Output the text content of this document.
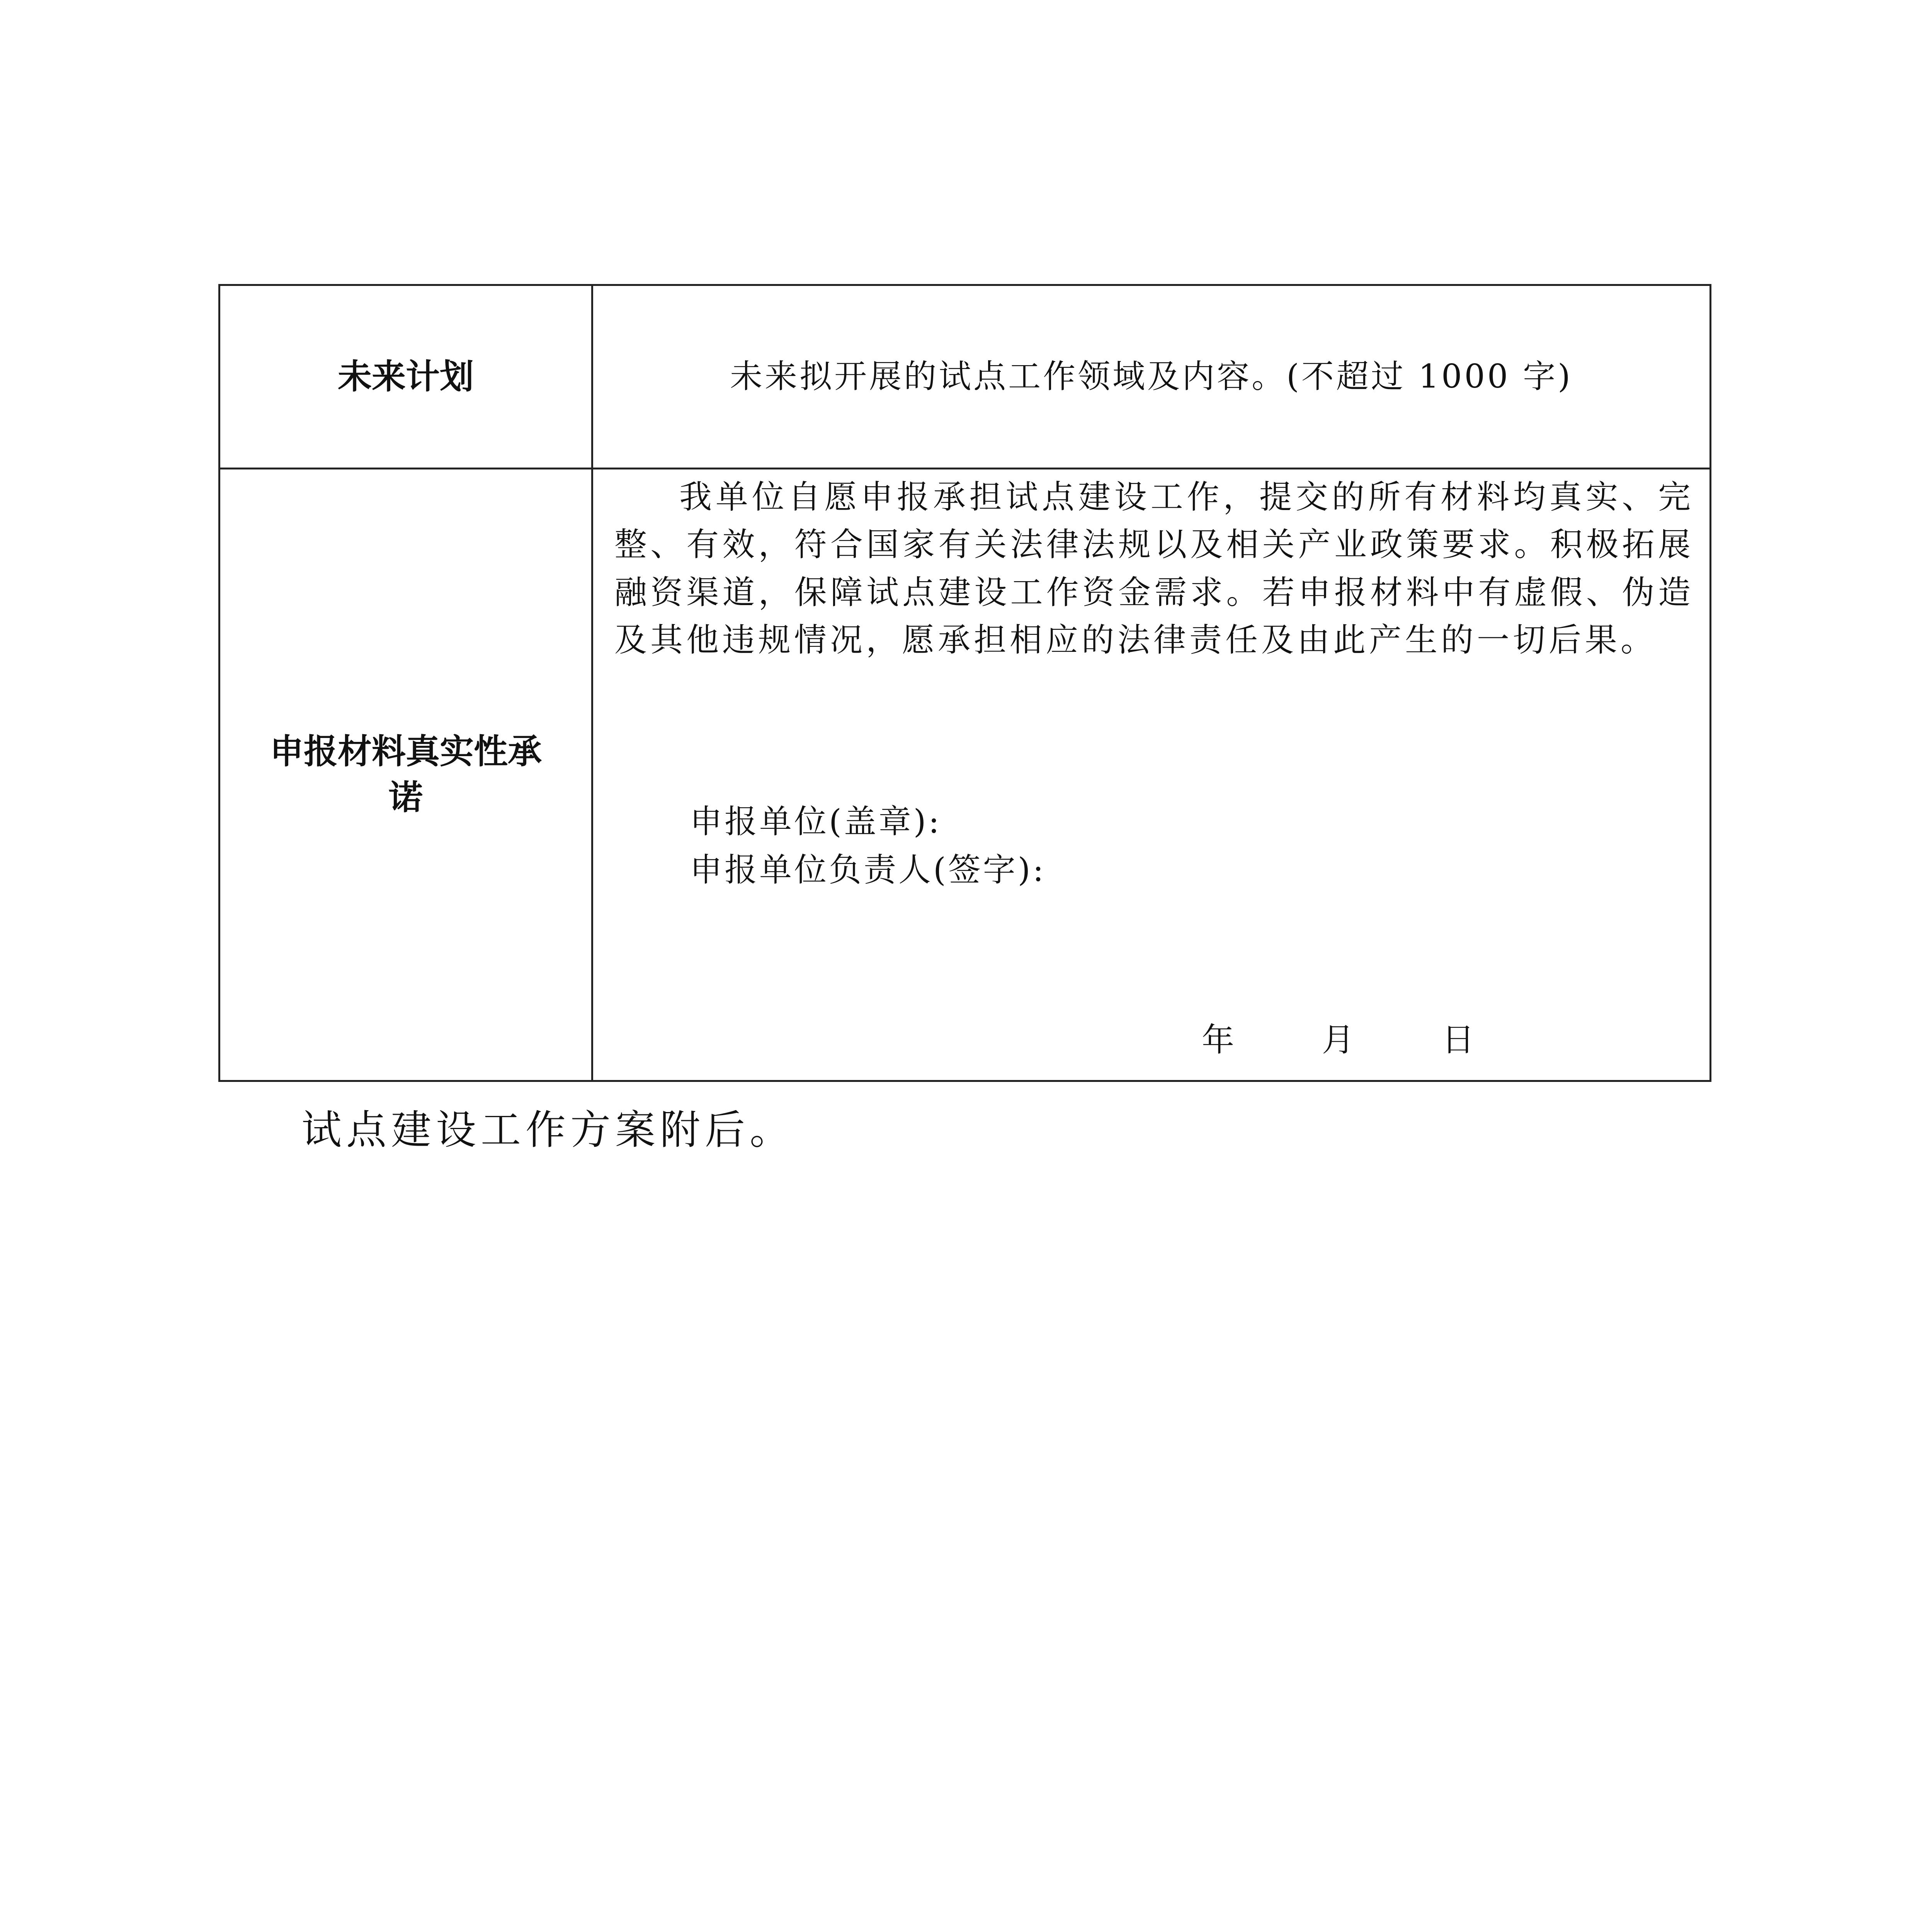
未来计划	未来拟开展的试点工作领域及内容。(不超过 1000 字)
申报材料真实性承诺	我单位自愿申报承担试点建设工作，提交的所有材料均真实、完整、有效，符合国家有关法律法规以及相关产业政策要求。积极拓展融资渠道，保障试点建设工作资金需求。若申报材料中有虚假、伪造及其他违规情况，愿承担相应的法律责任及由此产生的一切后果。

申报单位(盖章):

申报单位负责人(签字):

年 月 日

试点建设工作方案附后。
